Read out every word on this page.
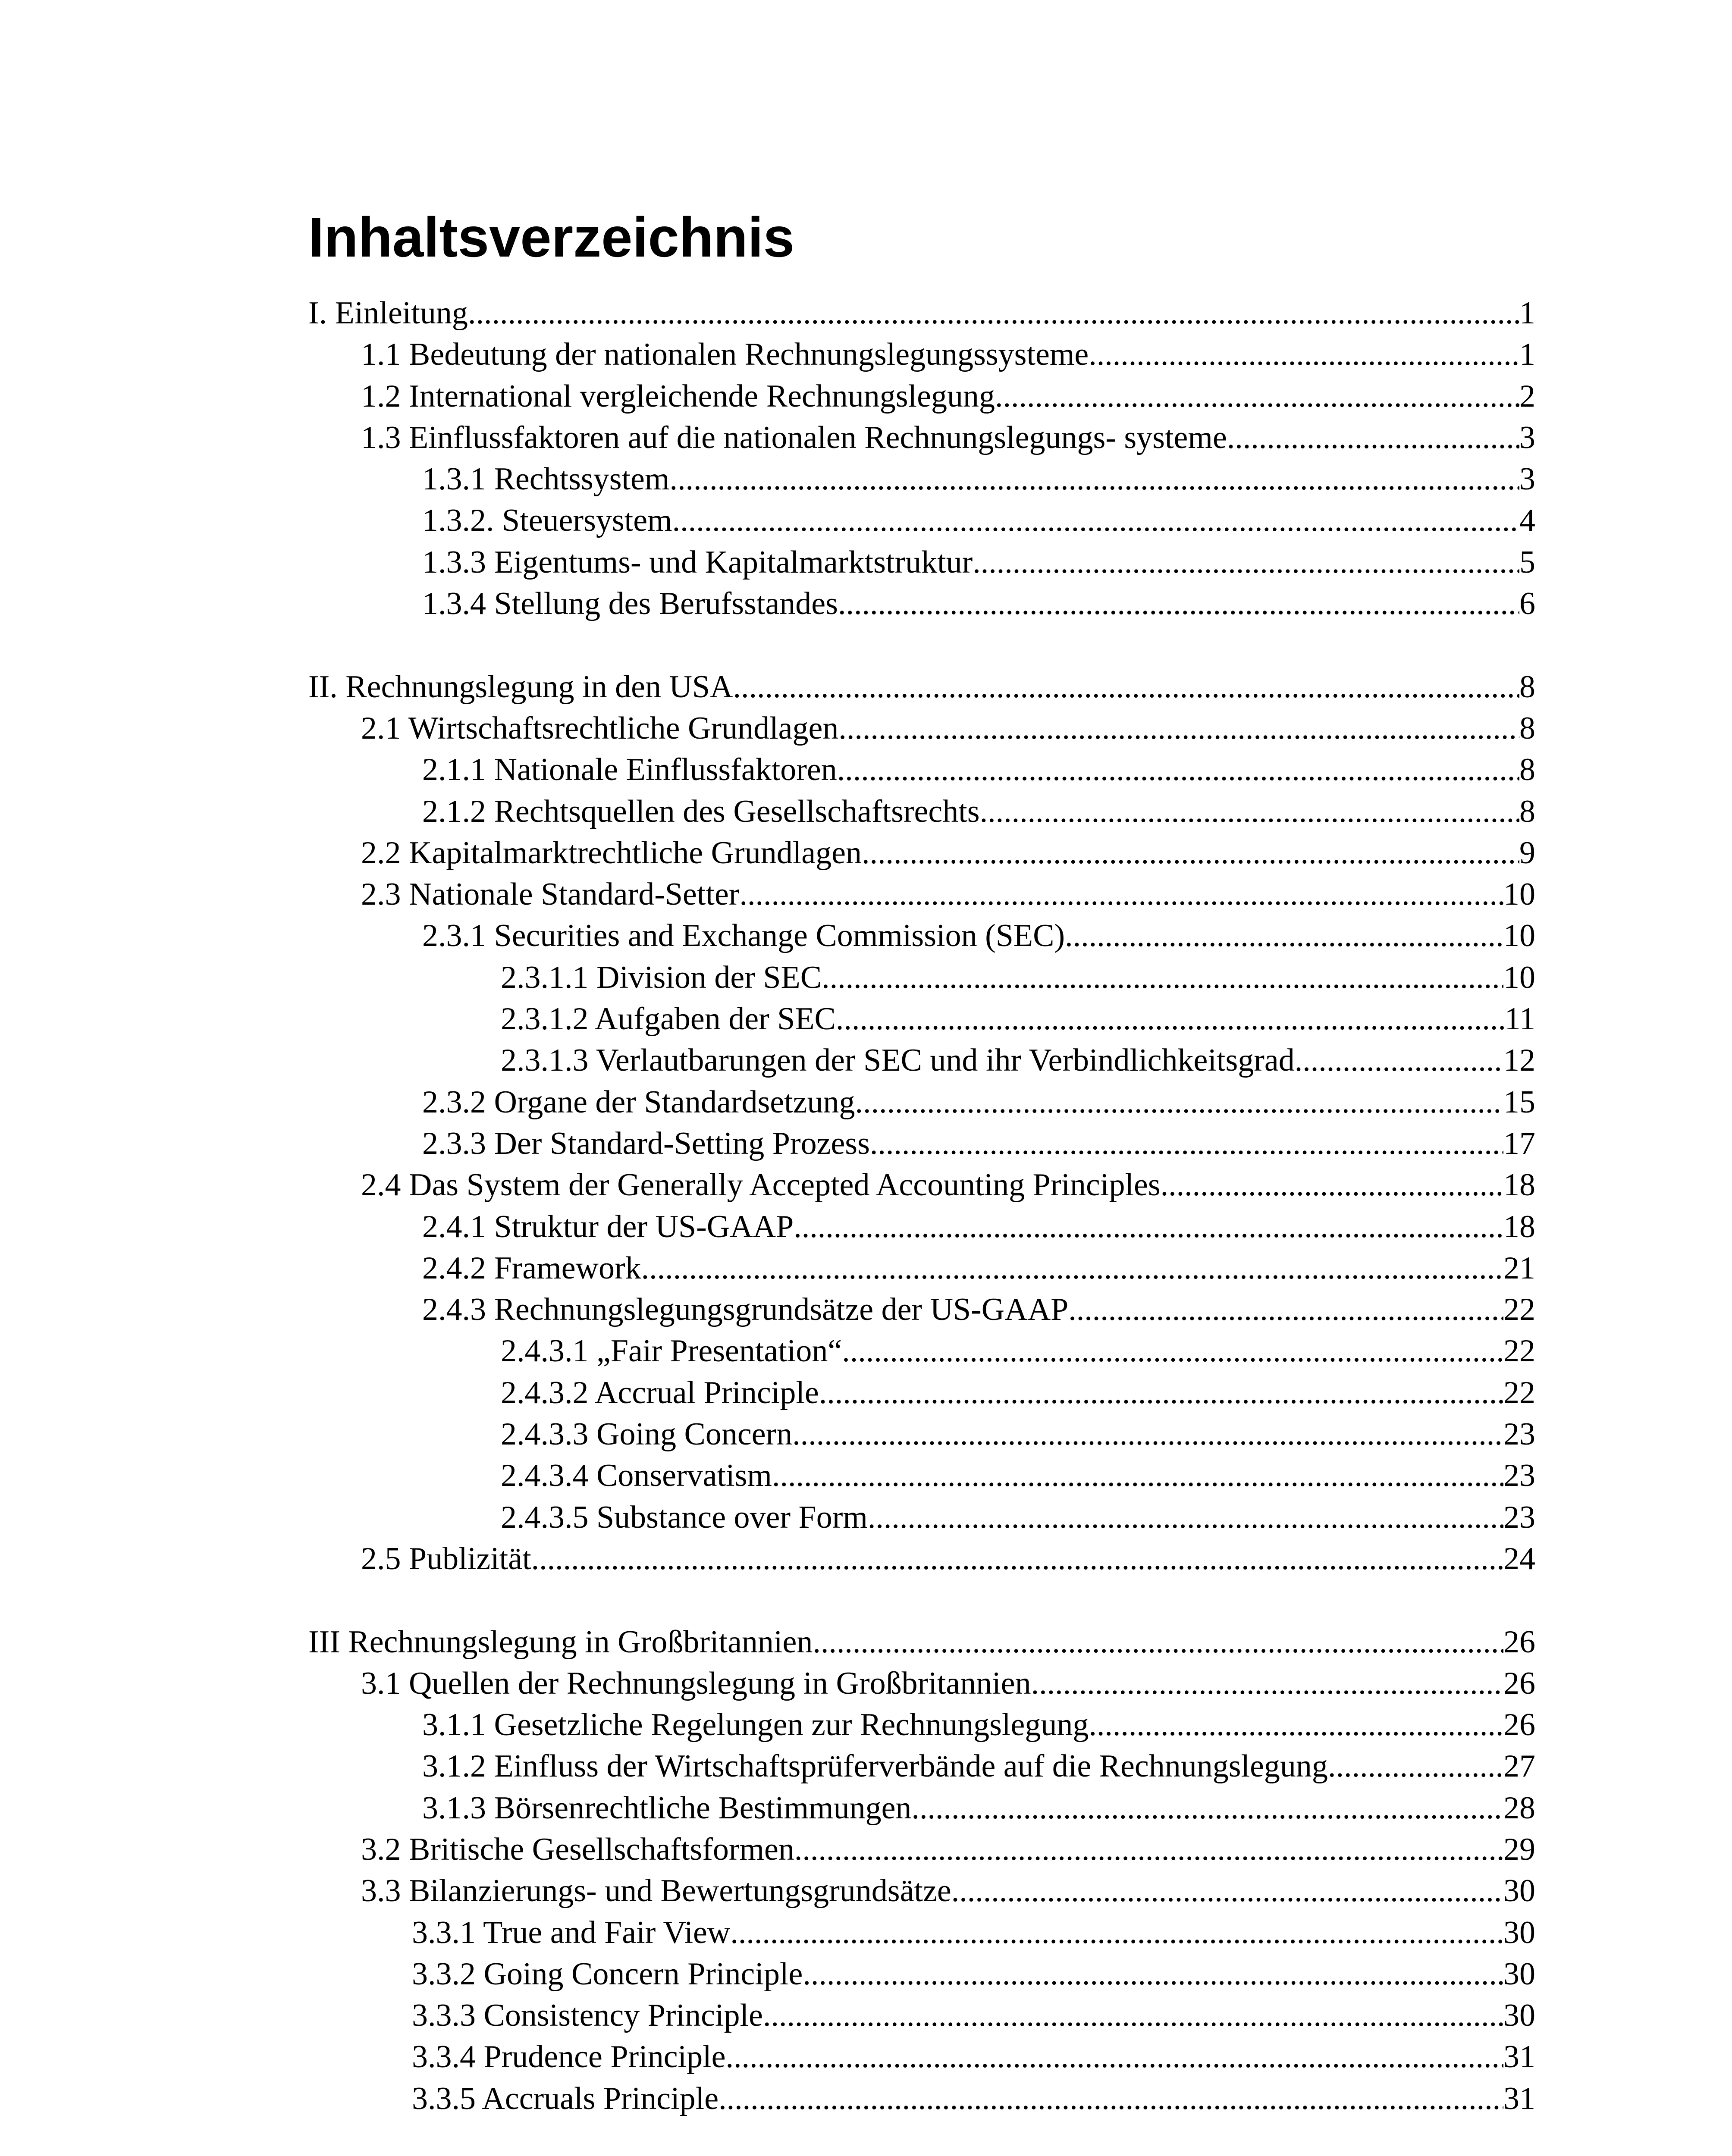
Inhaltsverzeichnis
I. Einleitung .....	1
1.1 Bedeutung der nationalen Rechnungslegungssysteme .....	1
1.2 International vergleichende Rechnungslegung .....	2
1.3 Einflussfaktoren auf die nationalen Rechnungslegungs- systeme .....	3
1.3.1 Rechtssystem .....	3
1.3.2. Steuersystem .....	4
1.3.3 Eigentums- und Kapitalmarktstruktur .....	5
1.3.4 Stellung des Berufsstandes .....	6
II. Rechnungslegung in den USA .....	8
2.1 Wirtschaftsrechtliche Grundlagen .....	8
2.1.1 Nationale Einflussfaktoren .....	8
2.1.2 Rechtsquellen des Gesellschaftsrechts .....	8
2.2 Kapitalmarktrechtliche Grundlagen .....	9
2.3 Nationale Standard-Setter .....	10
2.3.1 Securities and Exchange Commission (SEC) .....	10
2.3.1.1 Division der SEC .....	10
2.3.1.2 Aufgaben der SEC .....	11
2.3.1.3 Verlautbarungen der SEC und ihr Verbindlichkeitsgrad .....	12
2.3.2 Organe der Standardsetzung .....	15
2.3.3 Der Standard-Setting Prozess .....	17
2.4 Das System der Generally Accepted Accounting Principles .....	18
2.4.1 Struktur der US-GAAP .....	18
2.4.2 Framework .....	21
2.4.3 Rechnungslegungsgrundsätze der US-GAAP .....	22
2.4.3.1 „Fair Presentation“ .....	22
2.4.3.2 Accrual Principle .....	22
2.4.3.3 Going Concern .....	23
2.4.3.4 Conservatism .....	23
2.4.3.5 Substance over Form .....	23
2.5 Publizität .....	24
III Rechnungslegung in Großbritannien .....	26
3.1 Quellen der Rechnungslegung in Großbritannien .....	26
3.1.1 Gesetzliche Regelungen zur Rechnungslegung .....	26
3.1.2 Einfluss der Wirtschaftsprüferverbände auf die Rechnungslegung .....	27
3.1.3 Börsenrechtliche Bestimmungen .....	28
3.2 Britische Gesellschaftsformen .....	29
3.3 Bilanzierungs- und Bewertungsgrundsätze .....	30
3.3.1 True and Fair View .....	30
3.3.2 Going Concern Principle .....	30
3.3.3 Consistency Principle .....	30
3.3.4 Prudence Principle .....	31
3.3.5 Accruals Principle .....	31
